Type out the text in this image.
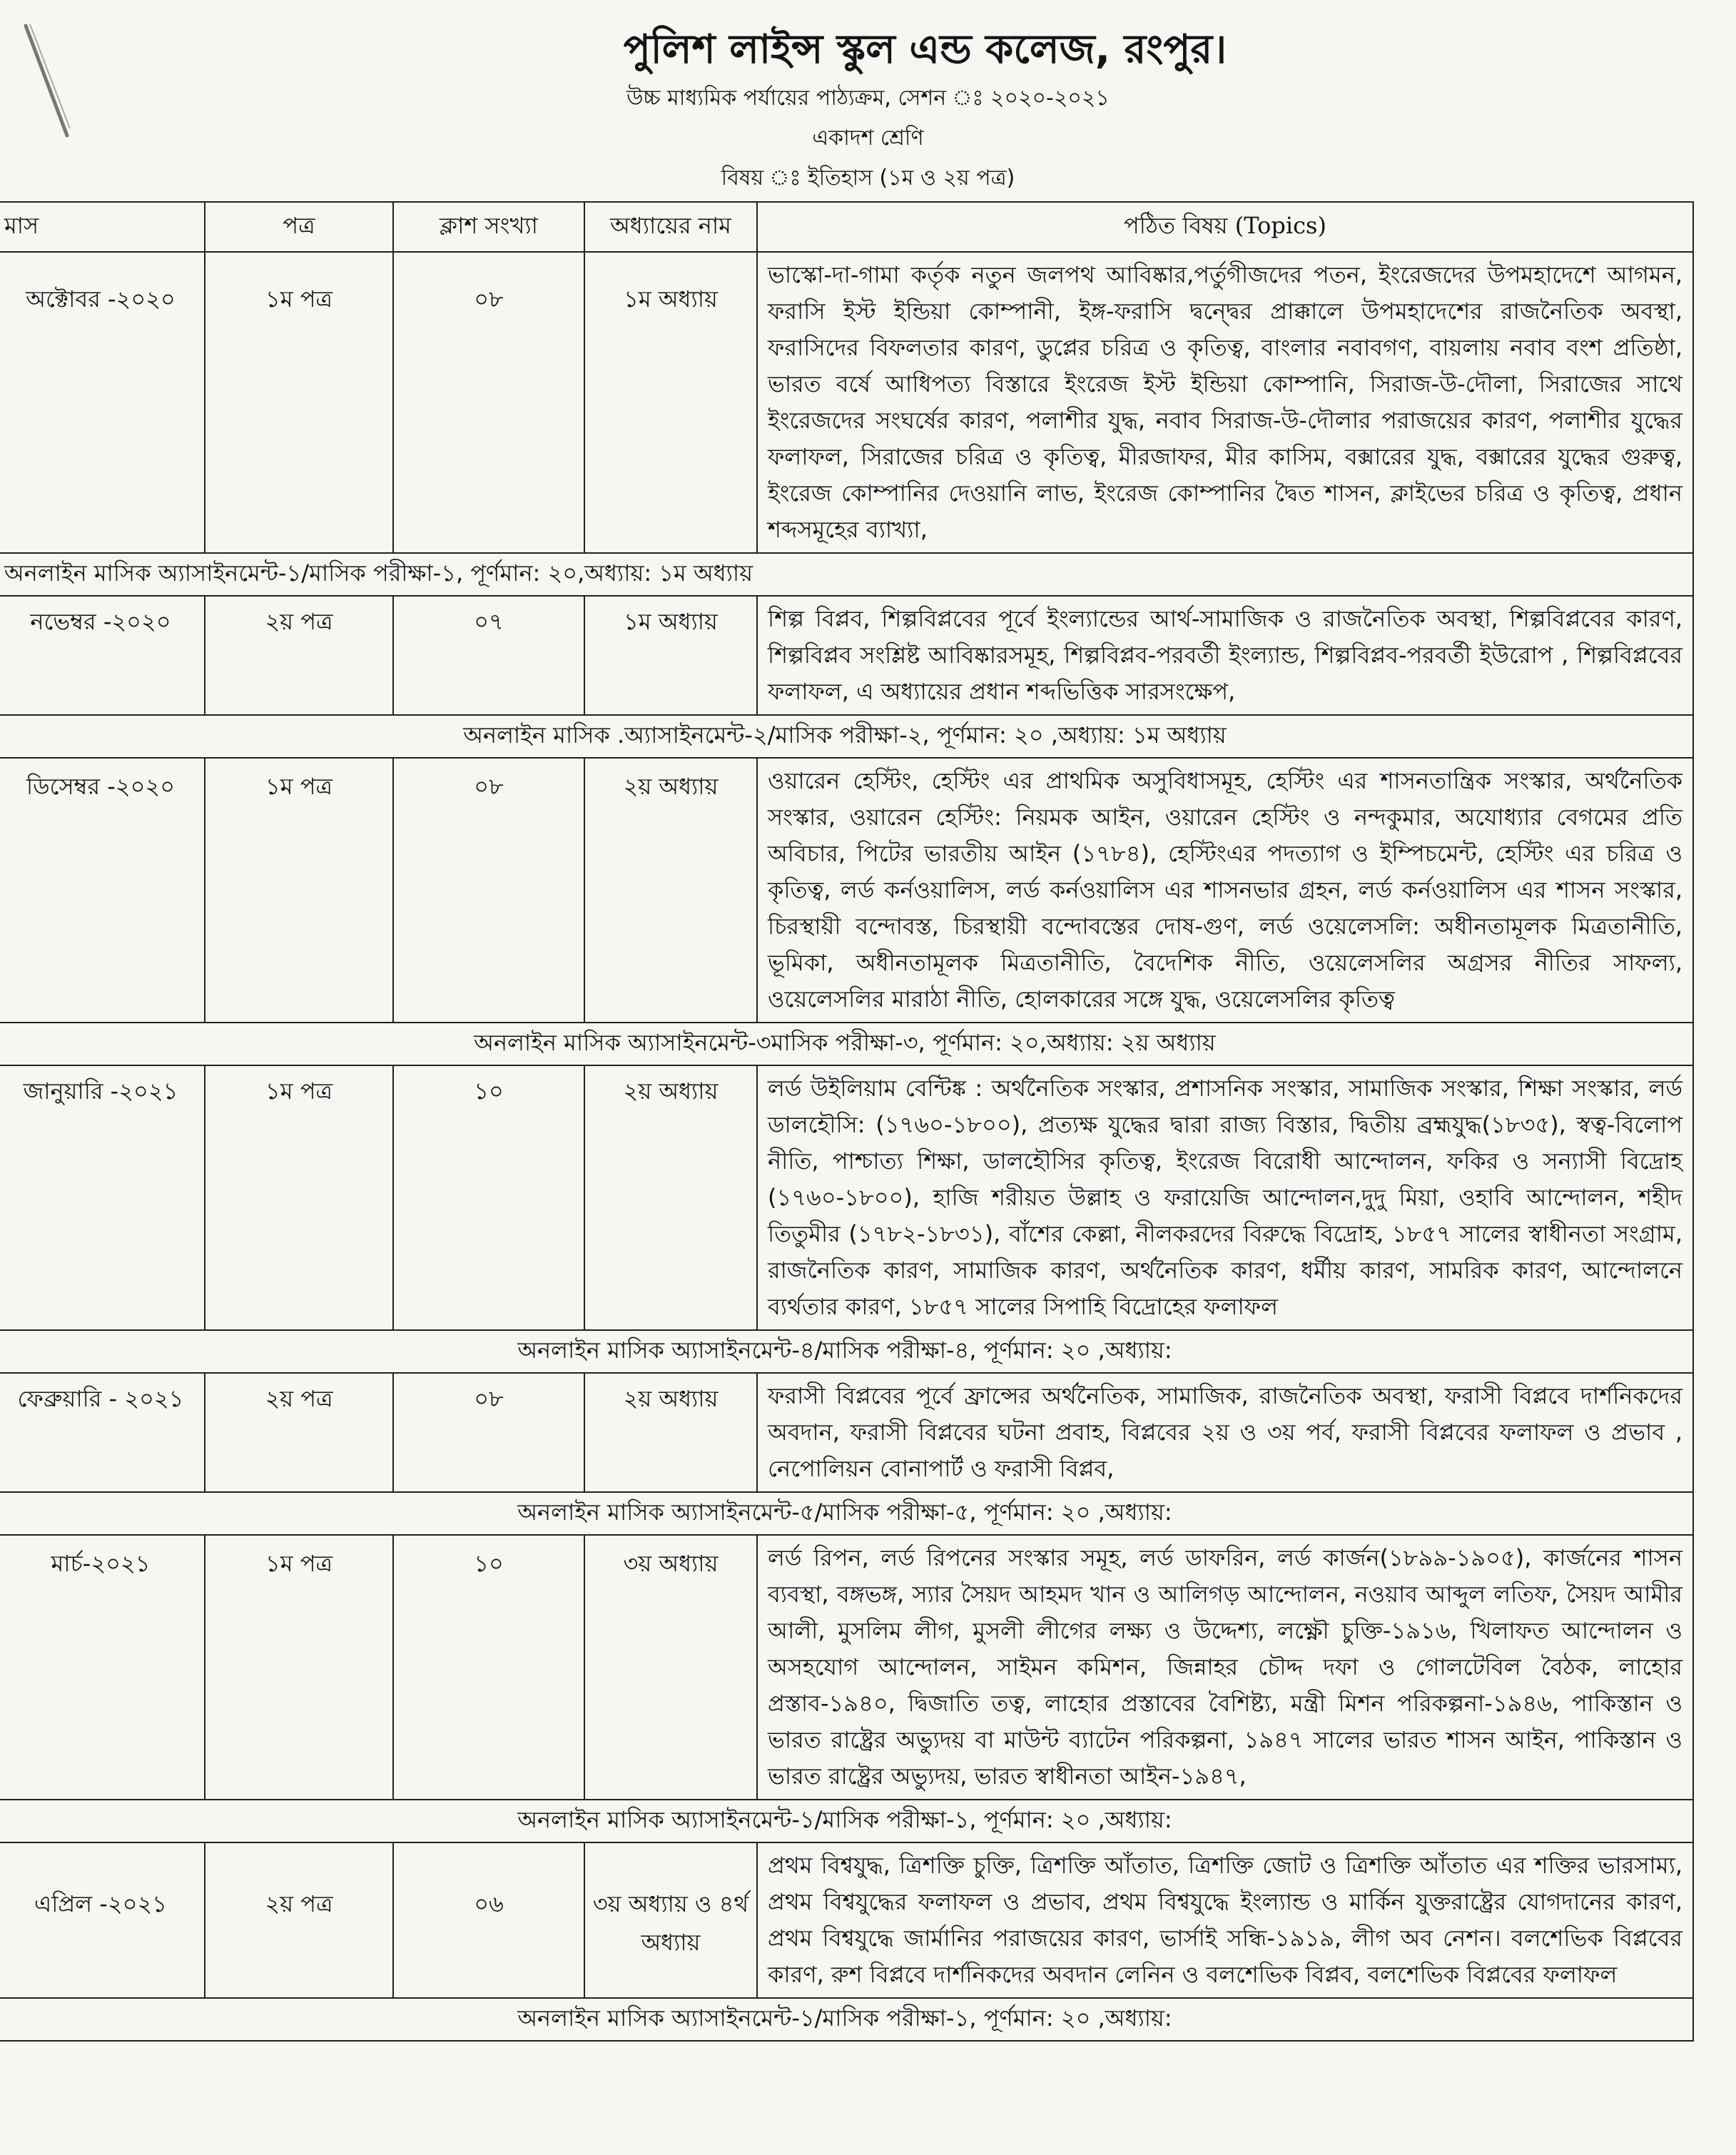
পুলিশ লাইন্স স্কুল এন্ড কলেজ, রংপুর।
উচ্চ মাধ্যমিক পর্যায়ের পাঠ্যক্রম, সেশন ঃ ২০২০-২০২১
একাদশ শ্রেণি
বিষয় ঃ ইতিহাস (১ম ও ২য় পত্র)
মাস	পত্র	ক্লাশ সংখ্যা	অধ্যায়ের নাম	পঠিত বিষয় (Topics)
অক্টোবর -২০২০	১ম পত্র	০৮	১ম অধ্যায়	ভাস্কো-দা-গামা কর্তৃক নতুন জলপথ আবিষ্কার,পর্তুগীজদের পতন, ইংরেজদের উপমহাদেশে আগমন, ফরাসি ইস্ট ইন্ডিয়া কোম্পানী, ইঙ্গ-ফরাসি দ্বন্দ্বের প্রাক্কালে উপমহাদেশের রাজনৈতিক অবস্থা, ফরাসিদের বিফলতার কারণ, ডুপ্লের চরিত্র ও কৃতিত্ব, বাংলার নবাবগণ, বায়লায় নবাব বংশ প্রতিষ্ঠা, ভারত বর্ষে আধিপত্য বিস্তারে ইংরেজ ইস্ট ইন্ডিয়া কোম্পানি, সিরাজ-উ-দৌলা, সিরাজের সাথে ইংরেজদের সংঘর্ষের কারণ, পলাশীর যুদ্ধ, নবাব সিরাজ-উ-দৌলার পরাজয়ের কারণ, পলাশীর যুদ্ধের ফলাফল, সিরাজের চরিত্র ও কৃতিত্ব, মীরজাফর, মীর কাসিম, বক্সারের যুদ্ধ, বক্সারের যুদ্ধের গুরুত্ব, ইংরেজ কোম্পানির দেওয়ানি লাভ, ইংরেজ কোম্পানির দ্বৈত শাসন, ক্লাইভের চরিত্র ও কৃতিত্ব, প্রধান শব্দসমূহের ব্যাখ্যা,
অনলাইন মাসিক অ্যাসাইনমেন্ট-১/মাসিক পরীক্ষা-১, পূর্ণমান: ২০,অধ্যায়: ১ম অধ্যায়				
নভেম্বর -২০২০	২য় পত্র	০৭	১ম অধ্যায়	শিল্প বিপ্লব, শিল্পবিপ্লবের পূর্বে ইংল্যান্ডের আর্থ-সামাজিক ও রাজনৈতিক অবস্থা, শিল্পবিপ্লবের কারণ, শিল্পবিপ্লব সংশ্লিষ্ট আবিষ্কারসমূহ, শিল্পবিপ্লব-পরবর্তী ইংল্যান্ড, শিল্পবিপ্লব-পরবর্তী ইউরোপ , শিল্পবিপ্লবের ফলাফল, এ অধ্যায়ের প্রধান শব্দভিত্তিক সারসংক্ষেপ,
অনলাইন মাসিক .অ্যাসাইনমেন্ট-২/মাসিক পরীক্ষা-২, পূর্ণমান: ২০ ,অধ্যায়: ১ম অধ্যায়				
ডিসেম্বর -২০২০	১ম পত্র	০৮	২য় অধ্যায়	ওয়ারেন হেস্টিং, হেস্টিং এর প্রাথমিক অসুবিধাসমূহ, হেস্টিং এর শাসনতান্ত্রিক সংস্কার, অর্থনৈতিক সংস্কার, ওয়ারেন হেস্টিং: নিয়মক আইন, ওয়ারেন হেস্টিং ও নন্দকুমার, অযোধ্যার বেগমের প্রতি অবিচার, পিটের ভারতীয় আইন (১৭৮৪), হেস্টিংএর পদত্যাগ ও ইম্পিচমেন্ট, হেস্টিং এর চরিত্র ও কৃতিত্ব, লর্ড কর্নওয়ালিস, লর্ড কর্নওয়ালিস এর শাসনভার গ্রহন, লর্ড কর্নওয়ালিস এর শাসন সংস্কার, চিরস্থায়ী বন্দোবস্ত, চিরস্থায়ী বন্দোবস্তের দোষ-গুণ, লর্ড ওয়েলেসলি: অধীনতামূলক মিত্রতানীতি, ভূমিকা, অধীনতামূলক মিত্রতানীতি, বৈদেশিক নীতি, ওয়েলেসলির অগ্রসর নীতির সাফল্য, ওয়েলেসলির মারাঠা নীতি, হোলকারের সঙ্গে যুদ্ধ, ওয়েলেসলির কৃতিত্ব
অনলাইন মাসিক অ্যাসাইনমেন্ট-৩মাসিক পরীক্ষা-৩, পূর্ণমান: ২০,অধ্যায়: ২য় অধ্যায়				
জানুয়ারি -২০২১	১ম পত্র	১০	২য় অধ্যায়	লর্ড উইলিয়াম বেন্টিঙ্ক : অর্থনৈতিক সংস্কার, প্রশাসনিক সংস্কার, সামাজিক সংস্কার, শিক্ষা সংস্কার, লর্ড ডালহৌসি: (১৭৬০-১৮০০), প্রত্যক্ষ যুদ্ধের দ্বারা রাজ্য বিস্তার, দ্বিতীয় ব্রহ্মযুদ্ধ(১৮৩৫), স্বত্ব-বিলোপ নীতি, পাশ্চাত্য শিক্ষা, ডালহৌসির কৃতিত্ব, ইংরেজ বিরোধী আন্দোলন, ফকির ও সন্যাসী বিদ্রোহ (১৭৬০-১৮০০), হাজি শরীয়ত উল্লাহ ও ফরায়েজি আন্দোলন,দুদু মিয়া, ওহাবি আন্দোলন, শহীদ তিতুমীর (১৭৮২-১৮৩১), বাঁশের কেল্লা, নীলকরদের বিরুদ্ধে বিদ্রোহ, ১৮৫৭ সালের স্বাধীনতা সংগ্রাম, রাজনৈতিক কারণ, সামাজিক কারণ, অর্থনৈতিক কারণ, ধর্মীয় কারণ, সামরিক কারণ, আন্দোলনে ব্যর্থতার কারণ, ১৮৫৭ সালের সিপাহি বিদ্রোহের ফলাফল
অনলাইন মাসিক অ্যাসাইনমেন্ট-৪/মাসিক পরীক্ষা-৪, পূর্ণমান: ২০ ,অধ্যায়:				
ফেব্রুয়ারি - ২০২১	২য় পত্র	০৮	২য় অধ্যায়	ফরাসী বিপ্লবের পূর্বে ফ্রান্সের অর্থনৈতিক, সামাজিক, রাজনৈতিক অবস্থা, ফরাসী বিপ্লবে দার্শনিকদের অবদান, ফরাসী বিপ্লবের ঘটনা প্রবাহ, বিপ্লবের ২য় ও ৩য় পর্ব, ফরাসী বিপ্লবের ফলাফল ও প্রভাব , নেপোলিয়ন বোনাপার্ট ও ফরাসী বিপ্লব,
অনলাইন মাসিক অ্যাসাইনমেন্ট-৫/মাসিক পরীক্ষা-৫, পূর্ণমান: ২০ ,অধ্যায়:				
মার্চ-২০২১	১ম পত্র	১০	৩য় অধ্যায়	লর্ড রিপন, লর্ড রিপনের সংস্কার সমূহ, লর্ড ডাফরিন, লর্ড কার্জন(১৮৯৯-১৯০৫), কার্জনের শাসন ব্যবস্থা, বঙ্গভঙ্গ, স্যার সৈয়দ আহমদ খান ও আলিগড় আন্দোলন, নওয়াব আব্দুল লতিফ, সৈয়দ আমীর আলী, মুসলিম লীগ, মুসলী লীগের লক্ষ্য ও উদ্দেশ্য, লক্ষ্ণৌ চুক্তি-১৯১৬, খিলাফত আন্দোলন ও অসহযোগ আন্দোলন, সাইমন কমিশন, জিন্নাহর চৌদ্দ দফা ও গোলটেবিল বৈঠক, লাহোর প্রস্তাব-১৯৪০, দ্বিজাতি তত্ব, লাহোর প্রস্তাবের বৈশিষ্ট্য, মন্ত্রী মিশন পরিকল্পনা-১৯৪৬, পাকিস্তান ও ভারত রাষ্ট্রের অভ্যুদয় বা মাউন্ট ব্যাটেন পরিকল্পনা, ১৯৪৭ সালের ভারত শাসন আইন, পাকিস্তান ও ভারত রাষ্ট্রের অভ্যুদয়, ভারত স্বাধীনতা আইন-১৯৪৭,
অনলাইন মাসিক অ্যাসাইনমেন্ট-১/মাসিক পরীক্ষা-১, পূর্ণমান: ২০ ,অধ্যায়:				
এপ্রিল -২০২১	২য় পত্র	০৬	৩য় অধ্যায় ও ৪র্থ অধ্যায়	প্রথম বিশ্বযুদ্ধ, ত্রিশক্তি চুক্তি, ত্রিশক্তি আঁতাত, ত্রিশক্তি জোট ও ত্রিশক্তি আঁতাত এর শক্তির ভারসাম্য, প্রথম বিশ্বযুদ্ধের ফলাফল ও প্রভাব, প্রথম বিশ্বযুদ্ধে ইংল্যান্ড ও মার্কিন যুক্তরাষ্ট্রের যোগদানের কারণ, প্রথম বিশ্বযুদ্ধে জার্মানির পরাজয়ের কারণ, ভার্সাই সন্ধি-১৯১৯, লীগ অব নেশন। বলশেভিক বিপ্লবের কারণ, রুশ বিপ্লবে দার্শনিকদের অবদান লেনিন ও বলশেভিক বিপ্লব, বলশেভিক বিপ্লবের ফলাফল
অনলাইন মাসিক অ্যাসাইনমেন্ট-১/মাসিক পরীক্ষা-১, পূর্ণমান: ২০ ,অধ্যায়:				
